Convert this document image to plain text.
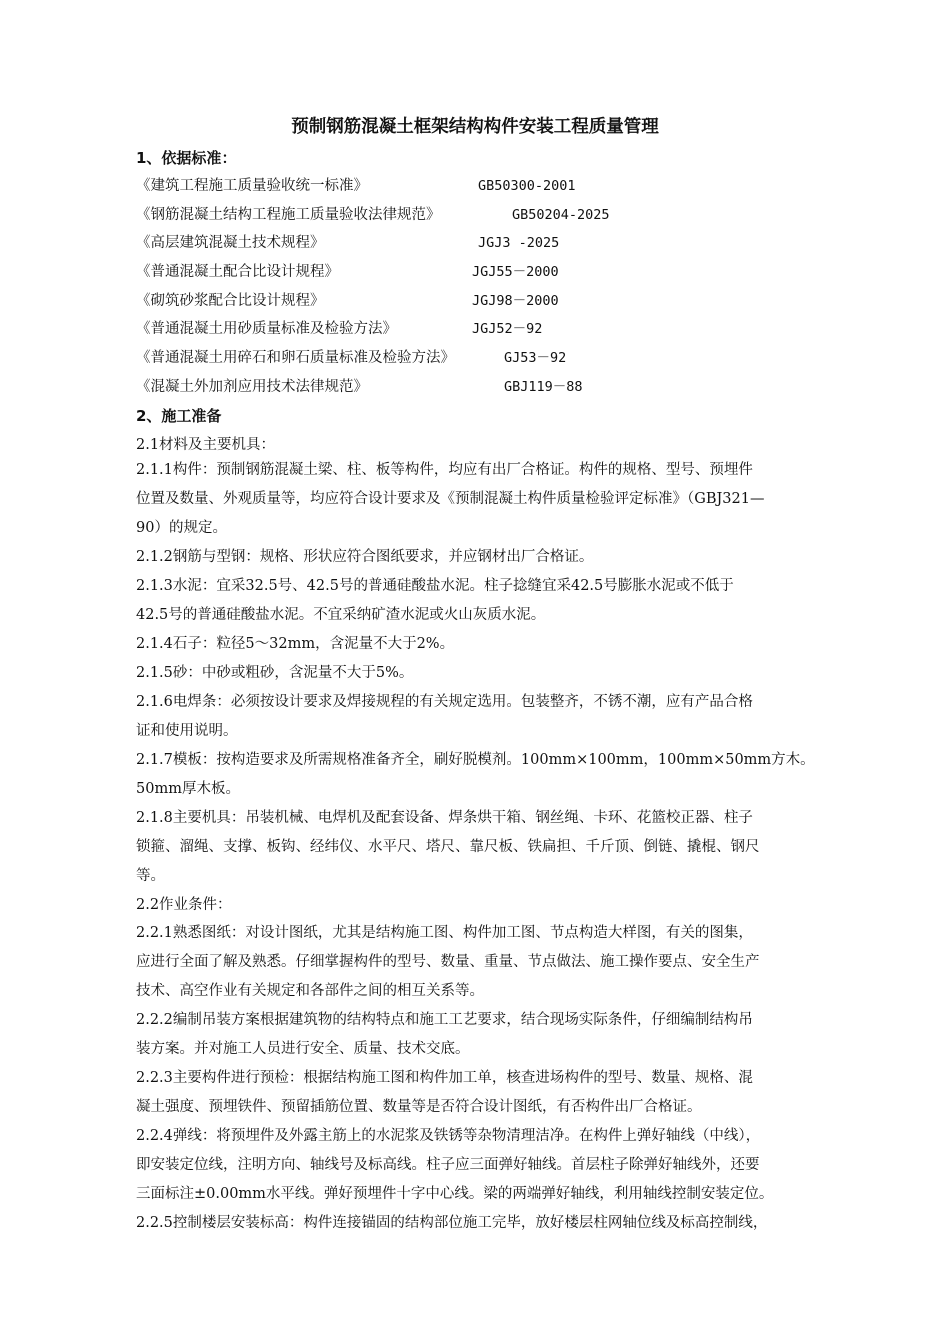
预制钢筋混凝土框架结构构件安装工程质量管理
1、依据标准：
《建筑工程施工质量验收统一标准》	GB50300-2001
《钢筋混凝土结构工程施工质量验收法律规范》	GB50204-2025
《高层建筑混凝土技术规程》	JGJ3 -2025
《普通混凝土配合比设计规程》	JGJ55－2000
《砌筑砂浆配合比设计规程》	JGJ98－2000
《普通混凝土用砂质量标准及检验方法》	JGJ52－92
《普通混凝土用碎石和卵石质量标准及检验方法》	GJ53－92
《混凝土外加剂应用技术法律规范》	GBJ119－88
2、施工准备
2.1材料及主要机具：
2.1.1构件：预制钢筋混凝土梁、柱、板等构件，均应有出厂合格证。构件的规格、型号、预埋件
位置及数量、外观质量等，均应符合设计要求及《预制混凝土构件质量检验评定标准》（GBJ321—
90）的规定。
2.1.2钢筋与型钢：规格、形状应符合图纸要求，并应钢材出厂合格证。
2.1.3水泥：宜采32.5号、42.5号的普通硅酸盐水泥。柱子捻缝宜采42.5号膨胀水泥或不低于
42.5号的普通硅酸盐水泥。不宜采纳矿渣水泥或火山灰质水泥。
2.1.4石子：粒径5～32mm，含泥量不大于2%。
2.1.5砂：中砂或粗砂，含泥量不大于5%。
2.1.6电焊条：必须按设计要求及焊接规程的有关规定选用。包装整齐，不锈不潮，应有产品合格
证和使用说明。
2.1.7模板：按构造要求及所需规格准备齐全，刷好脱模剂。100mm×100mm，100mm×50mm方木。
50mm厚木板。
2.1.8主要机具：吊装机械、电焊机及配套设备、焊条烘干箱、钢丝绳、卡环、花篮校正器、柱子
锁箍、溜绳、支撑、板钩、经纬仪、水平尺、塔尺、靠尺板、铁扁担、千斤顶、倒链、撬棍、钢尺
等。
2.2作业条件：
2.2.1熟悉图纸：对设计图纸，尤其是结构施工图、构件加工图、节点构造大样图，有关的图集，
应进行全面了解及熟悉。仔细掌握构件的型号、数量、重量、节点做法、施工操作要点、安全生产
技术、高空作业有关规定和各部件之间的相互关系等。
2.2.2编制吊装方案根据建筑物的结构特点和施工工艺要求，结合现场实际条件，仔细编制结构吊
装方案。并对施工人员进行安全、质量、技术交底。
2.2.3主要构件进行预检：根据结构施工图和构件加工单，核查进场构件的型号、数量、规格、混
凝土强度、预埋铁件、预留插筋位置、数量等是否符合设计图纸，有否构件出厂合格证。
2.2.4弹线：将预埋件及外露主筋上的水泥浆及铁锈等杂物清理洁净。在构件上弹好轴线（中线），
即安装定位线，注明方向、轴线号及标高线。柱子应三面弹好轴线。首层柱子除弹好轴线外，还要
三面标注±0.00mm水平线。弹好预埋件十字中心线。梁的两端弹好轴线，利用轴线控制安装定位。
2.2.5控制楼层安装标高：构件连接锚固的结构部位施工完毕，放好楼层柱网轴位线及标高控制线，
